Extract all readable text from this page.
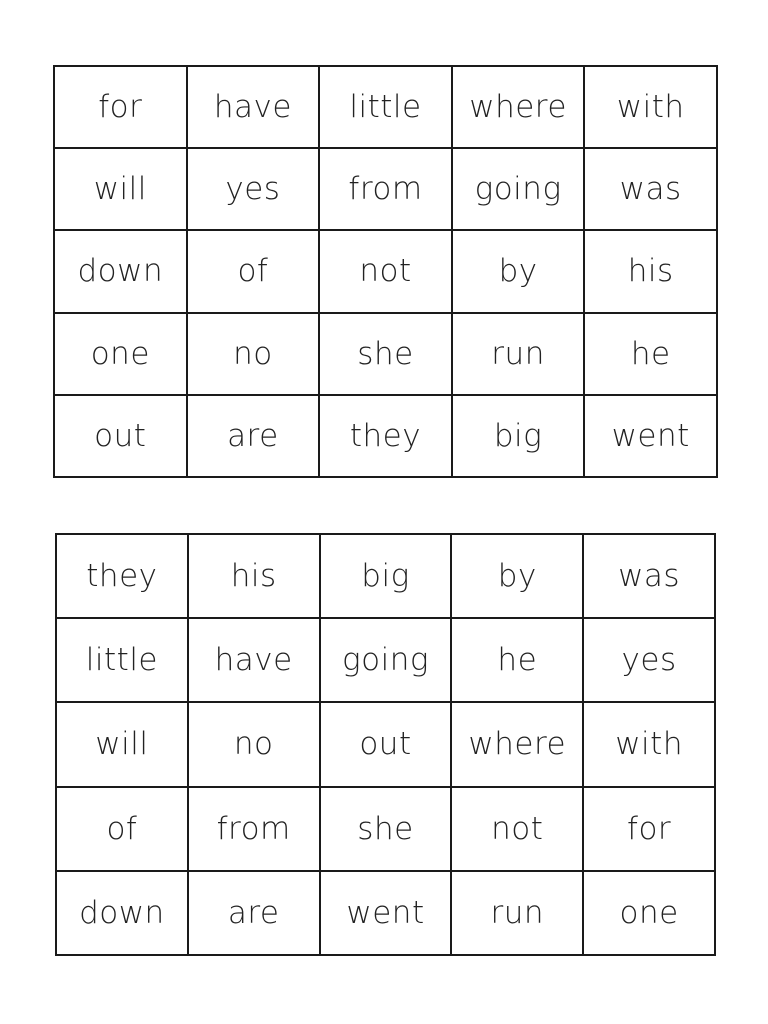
for	have	little	where	with
will	yes	from	going	was
down	of	not	by	his
one	no	she	run	he
out	are	they	big	went
they	his	big	by	was
little	have	going	he	yes
will	no	out	where	with
of	from	she	not	for
down	are	went	run	one
